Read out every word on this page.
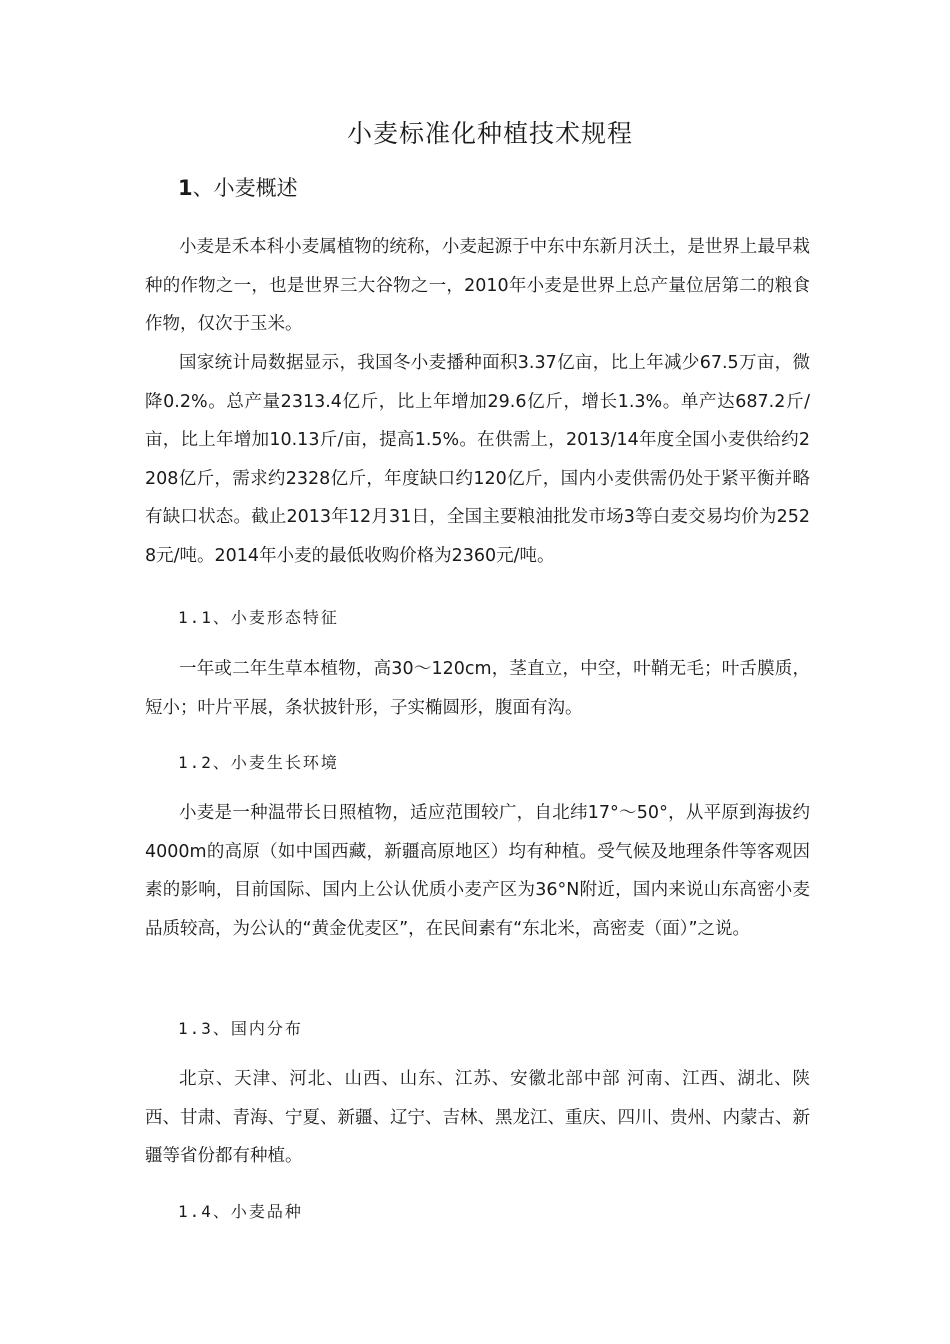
小麦标准化种植技术规程
1、小麦概述
小麦是禾本科小麦属植物的统称，小麦起源于中东中东新月沃土，是世界上最早栽种的作物之一，也是世界三大谷物之一，2010年小麦是世界上总产量位居第二的粮食作物，仅次于玉米。
国家统计局数据显示，我国冬小麦播种面积3.37亿亩，比上年减少67.5万亩，微降0.2%。总产量2313.4亿斤，比上年增加29.6亿斤，增长1.3%。单产达687.2斤/亩，比上年增加10.13斤/亩，提高1.5%。在供需上，2013/14年度全国小麦供给约2208亿斤，需求约2328亿斤，年度缺口约120亿斤，国内小麦供需仍处于紧平衡并略有缺口状态。截止2013年12月31日，全国主要粮油批发市场3等白麦交易均价为2528元/吨。2014年小麦的最低收购价格为2360元/吨。
1.1、小麦形态特征
一年或二年生草本植物，高30～120cm，茎直立，中空，叶鞘无毛；叶舌膜质，短小；叶片平展，条状披针形，子实椭圆形，腹面有沟。
1.2、小麦生长环境
小麦是一种温带长日照植物，适应范围较广，自北纬17°～50°，从平原到海拔约4000m的高原（如中国西藏，新疆高原地区）均有种植。受气候及地理条件等客观因素的影响，目前国际、国内上公认优质小麦产区为36°N附近，国内来说山东高密小麦品质较高，为公认的“黄金优麦区”，在民间素有“东北米，高密麦（面）”之说。
1.3、国内分布
北京、天津、河北、山西、山东、江苏、安徽北部中部 河南、江西、湖北、陕西、甘肃、青海、宁夏、新疆、辽宁、吉林、黑龙江、重庆、四川、贵州、内蒙古、新疆等省份都有种植。
1.4、小麦品种
